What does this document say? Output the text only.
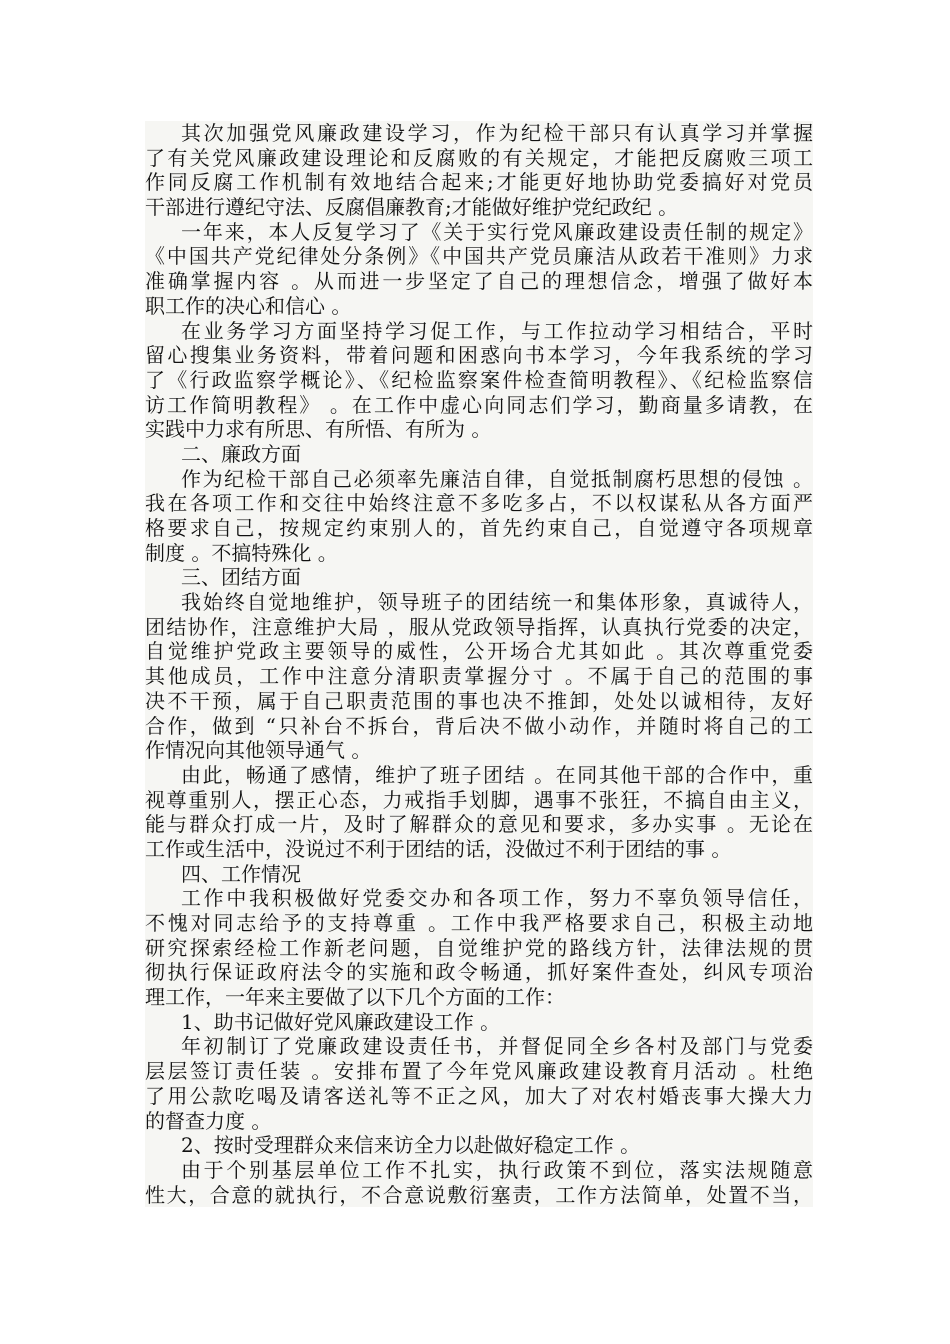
其次加强党风廉政建设学习，作为纪检干部只有认真学习并掌握
了有关党风廉政建设理论和反腐败的有关规定，才能把反腐败三项工
作同反腐工作机制有效地结合起来;才能更好地协助党委搞好对党员
干部进行遵纪守法、反腐倡廉教育;才能做好维护党纪政纪 。
一年来，本人反复学习了《关于实行党风廉政建设责任制的规定》
《中国共产党纪律处分条例》《中国共产党员廉洁从政若干准则》力求
准确掌握内容 。从而进一步坚定了自己的理想信念，增强了做好本
职工作的决心和信心 。
在业务学习方面坚持学习促工作，与工作拉动学习相结合，平时
留心搜集业务资料，带着问题和困惑向书本学习，今年我系统的学习
了《行政监察学概论》、《纪检监察案件检查简明教程》、《纪检监察信
访工作简明教程》 。在工作中虚心向同志们学习，勤商量多请教，在
实践中力求有所思、有所悟、有所为 。
二、廉政方面
作为纪检干部自己必须率先廉洁自律，自觉抵制腐朽思想的侵蚀 。
我在各项工作和交往中始终注意不多吃多占，不以权谋私从各方面严
格要求自己，按规定约束别人的，首先约束自己，自觉遵守各项规章
制度 。不搞特殊化 。
三、团结方面
我始终自觉地维护，领导班子的团结统一和集体形象，真诚待人，
团结协作，注意维护大局 ，服从党政领导指挥，认真执行党委的决定，
自觉维护党政主要领导的威性，公开场合尤其如此 。其次尊重党委
其他成员，工作中注意分清职责掌握分寸 。不属于自己的范围的事
决不干预，属于自己职责范围的事也决不推卸，处处以诚相待，友好
合作，做到 “只补台不拆台，背后决不做小动作，并随时将自己的工
作情况向其他领导通气 。
由此，畅通了感情，维护了班子团结 。在同其他干部的合作中，重
视尊重别人，摆正心态，力戒指手划脚，遇事不张狂，不搞自由主义，
能与群众打成一片，及时了解群众的意见和要求，多办实事 。无论在
工作或生活中，没说过不利于团结的话，没做过不利于团结的事 。
四、工作情况
工作中我积极做好党委交办和各项工作，努力不辜负领导信任，
不愧对同志给予的支持尊重 。工作中我严格要求自己，积极主动地
研究探索经检工作新老问题，自觉维护党的路线方针，法律法规的贯
彻执行保证政府法令的实施和政令畅通，抓好案件查处，纠风专项治
理工作，一年来主要做了以下几个方面的工作：
1、助书记做好党风廉政建设工作 。
年初制订了党廉政建设责任书，并督促同全乡各村及部门与党委
层层签订责任装 。安排布置了今年党风廉政建设教育月活动 。杜绝
了用公款吃喝及请客送礼等不正之风，加大了对农村婚丧事大操大力
的督查力度 。
2、按时受理群众来信来访全力以赴做好稳定工作 。
由于个别基层单位工作不扎实，执行政策不到位，落实法规随意
性大，合意的就执行，不合意说敷衍塞责，工作方法简单，处置不当，
